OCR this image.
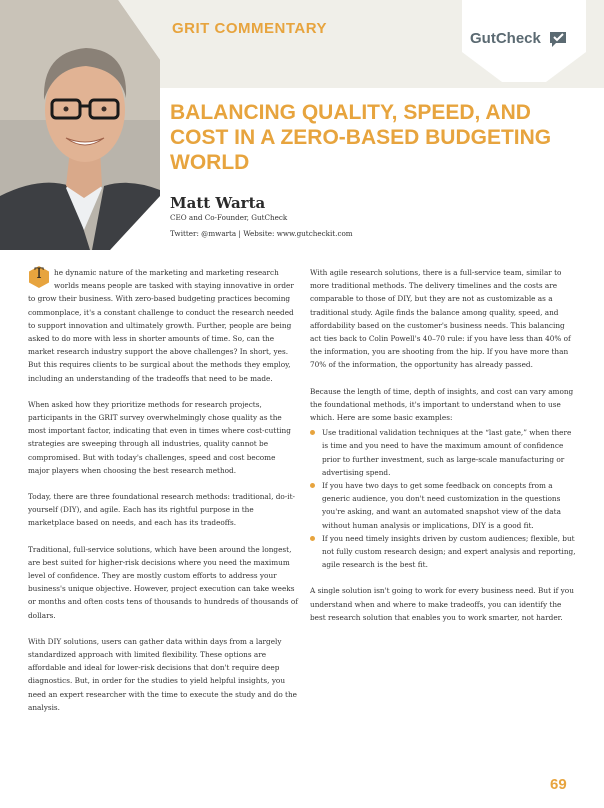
GRIT COMMENTARY
GutCheck
BALANCING QUALITY, SPEED, AND COST IN A ZERO-BASED BUDGETING WORLD
Matt Warta
CEO and Co-Founder, GutCheck
Twitter: @mwarta | Website: www.gutcheckit.com

T	he dynamic nature of the marketing and marketing research worlds means people are tasked with staying innovative in order to grow their business. With zero-based budgeting practices becoming commonplace, it's a constant challenge to conduct the research needed to support innovation and ultimately growth. Further, people are being asked to do more with less in shorter amounts of time. So, can the market research industry support the above challenges? In short, yes. But this requires clients to be surgical about the methods they employ, including an understanding of the tradeoffs that need to be made.

When asked how they prioritize methods for research projects, participants in the GRIT survey overwhelmingly chose quality as the most important factor, indicating that even in times where cost-cutting strategies are sweeping through all industries, quality cannot be compromised. But with today's challenges, speed and cost become major players when choosing the best research method.

Today, there are three foundational research methods: traditional, do-it-yourself (DIY), and agile. Each has its rightful purpose in the marketplace based on needs, and each has its tradeoffs.

Traditional, full-service solutions, which have been around the longest, are best suited for higher-risk decisions where you need the maximum level of confidence. They are mostly custom efforts to address your business's unique objective. However, project execution can take weeks or months and often costs tens of thousands to hundreds of thousands of dollars.

With DIY solutions, users can gather data within days from a largely standardized approach with limited flexibility. These options are affordable and ideal for lower-risk decisions that don't require deep diagnostics. But, in order for the studies to yield helpful insights, you need an expert researcher with the time to execute the study and do the analysis.

With agile research solutions, there is a full-service team, similar to more traditional methods. The delivery timelines and the costs are comparable to those of DIY, but they are not as customizable as a traditional study. Agile finds the balance among quality, speed, and affordability based on the customer's business needs. This balancing act ties back to Colin Powell's 40–70 rule: if you have less than 40% of the information, you are shooting from the hip. If you have more than 70% of the information, the opportunity has already passed.

Because the length of time, depth of insights, and cost can vary among the foundational methods, it's important to understand when to use which. Here are some basic examples:

Use traditional validation techniques at the “last gate,” when there is time and you need to have the maximum amount of confidence prior to further investment, such as large-scale manufacturing or advertising spend.
If you have two days to get some feedback on concepts from a generic audience, you don't need customization in the questions you're asking, and want an automated snapshot view of the data without human analysis or implications, DIY is a good fit.
If you need timely insights driven by custom audiences; flexible, but not fully custom research design; and expert analysis and reporting, agile research is the best fit.

A single solution isn't going to work for every business need. But if you understand when and where to make tradeoffs, you can identify the best research solution that enables you to work smarter, not harder.

69
